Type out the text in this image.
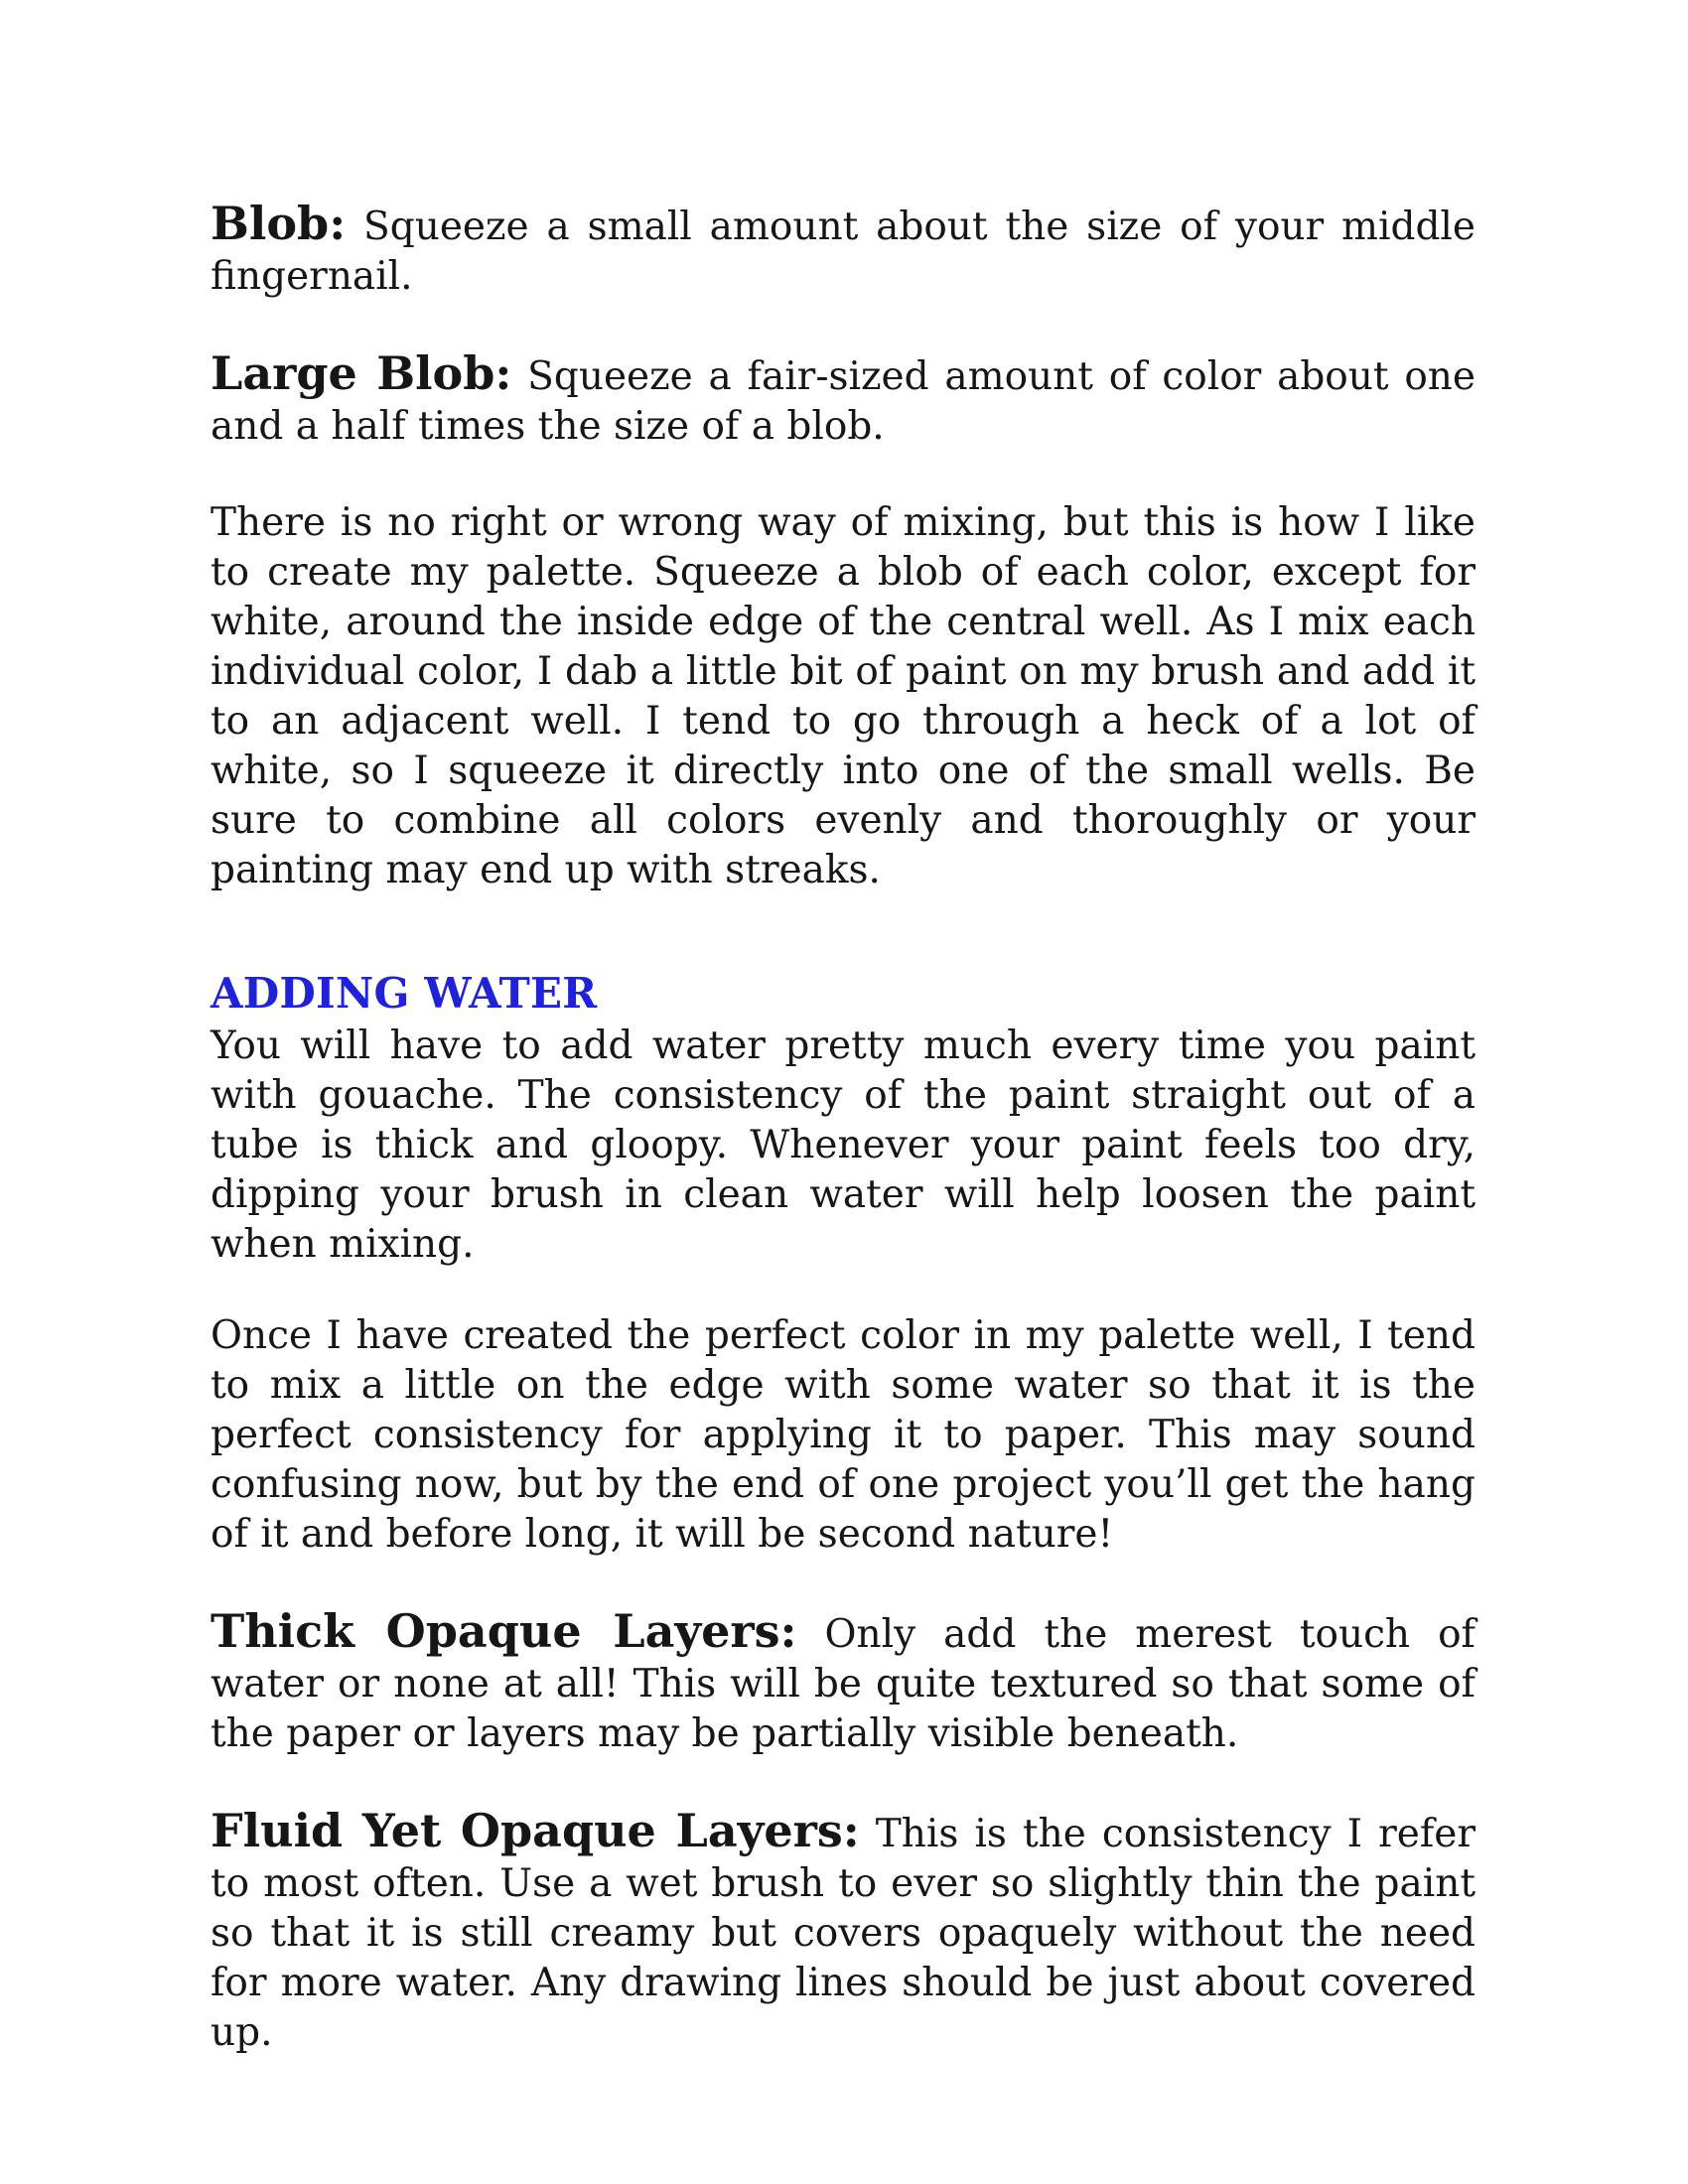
Blob: Squeeze a small amount about the size of your middle fingernail.

Large Blob: Squeeze a fair-sized amount of color about one and a half times the size of a blob.

There is no right or wrong way of mixing, but this is how I like to create my palette. Squeeze a blob of each color, except for white, around the inside edge of the central well. As I mix each individual color, I dab a little bit of paint on my brush and add it to an adjacent well. I tend to go through a heck of a lot of white, so I squeeze it directly into one of the small wells. Be sure to combine all colors evenly and thoroughly or your painting may end up with streaks.

ADDING WATER

You will have to add water pretty much every time you paint with gouache. The consistency of the paint straight out of a tube is thick and gloopy. Whenever your paint feels too dry, dipping your brush in clean water will help loosen the paint when mixing.

Once I have created the perfect color in my palette well, I tend to mix a little on the edge with some water so that it is the perfect consistency for applying it to paper. This may sound confusing now, but by the end of one project you’ll get the hang of it and before long, it will be second nature!

Thick Opaque Layers: Only add the merest touch of water or none at all! This will be quite textured so that some of the paper or layers may be partially visible beneath.

Fluid Yet Opaque Layers: This is the consistency I refer to most often. Use a wet brush to ever so slightly thin the paint so that it is still creamy but covers opaquely without the need for more water. Any drawing lines should be just about covered up.
